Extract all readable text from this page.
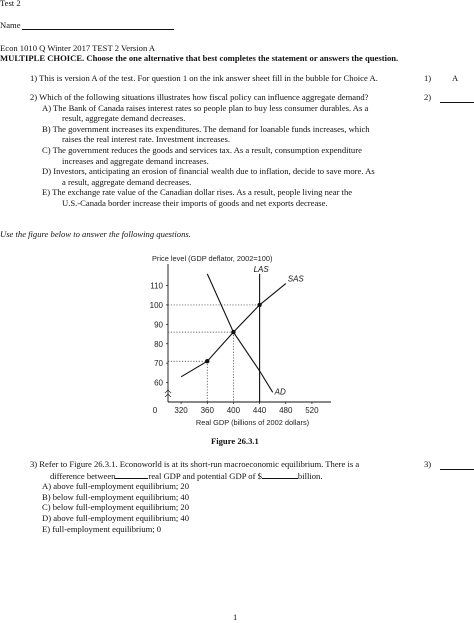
Test 2
Name
Econ 1010 Q Winter 2017 TEST 2 Version A
MULTIPLE CHOICE. Choose the one alternative that best completes the statement or answers the question.
1) This is version A of the test. For question 1 on the ink answer sheet fill in the bubble for Choice A.	1) A
2) Which of the following situations illustrates how fiscal policy can influence aggregate demand?
A) The Bank of Canada raises interest rates so people plan to buy less consumer durables. As a
result, aggregate demand decreases.
B) The government increases its expenditures. The demand for loanable funds increases, which
raises the real interest rate. Investment increases.
C) The government reduces the goods and services tax. As a result, consumption expenditure
increases and aggregate demand increases.
D) Investors, anticipating an erosion of financial wealth due to inflation, decide to save more. As
a result, aggregate demand decreases.
E) The exchange rate value of the Canadian dollar rises. As a result, people living near the
U.S.-Canada border increase their imports of goods and net exports decrease.
2)
Use the figure below to answer the following questions.
60
70
80
90
100
110
0 320 360 400 440 480 520
Price level (GDP deflator, 2002=100)
Real GDP (billions of 2002 dollars)
LAS
SAS
AD
Figure 26.3.1
3) Refer to Figure 26.3.1. Econoworld is at its short-run macroeconomic equilibrium. There is a
difference between	real GDP and potential GDP of $	billion.
A) above full-employment equilibrium; 20
B) below full-employment equilibrium; 40
C) below full-employment equilibrium; 20
D) above full-employment equilibrium; 40
E) full-employment equilibrium; 0
3)
1
